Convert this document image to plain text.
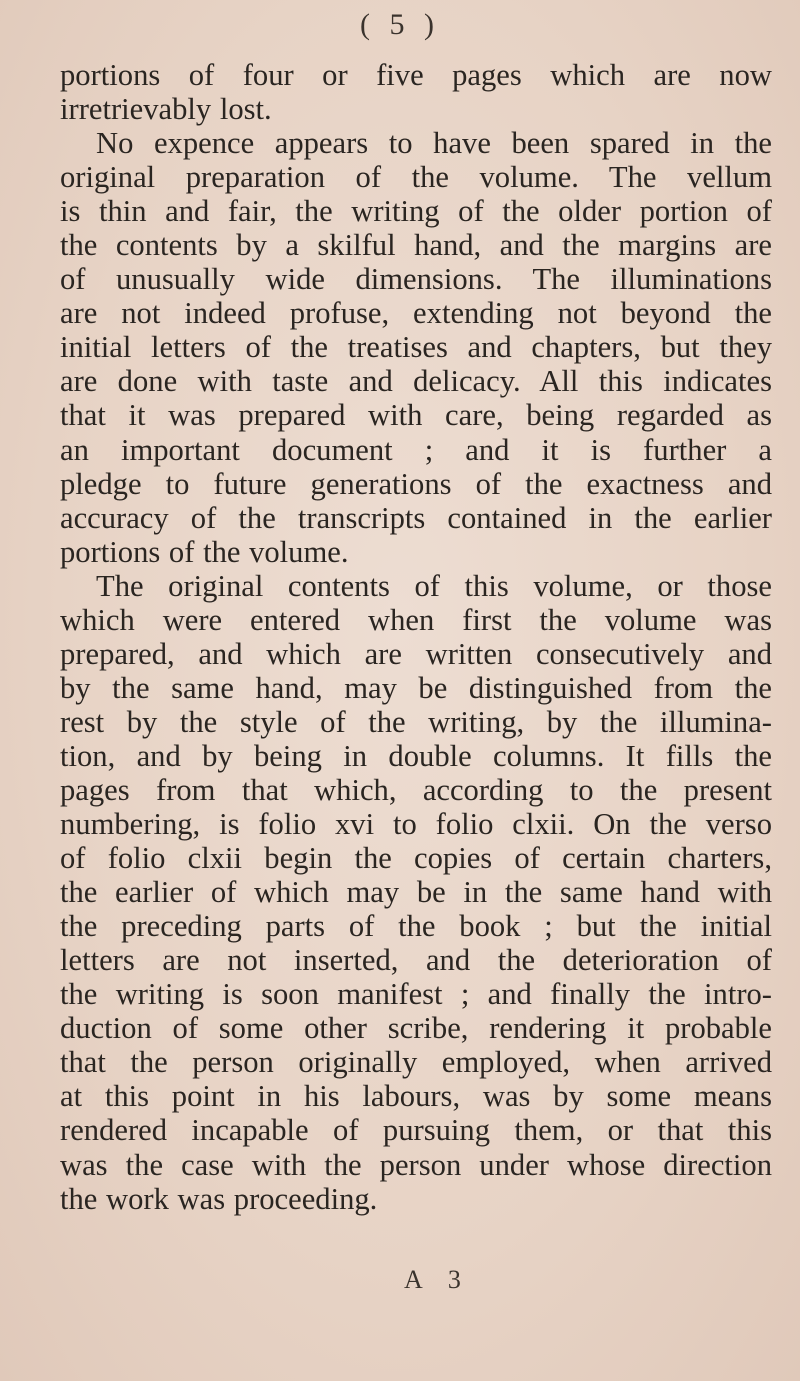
( 5 )
portions of four or five pages which are now
irretrievably lost.
No expence appears to have been spared in the
original preparation of the volume. The vellum
is thin and fair, the writing of the older portion of
the contents by a skilful hand, and the margins are
of unusually wide dimensions. The illuminations
are not indeed profuse, extending not beyond the
initial letters of the treatises and chapters, but they
are done with taste and delicacy. All this indicates
that it was prepared with care, being regarded as
an important document ; and it is further a
pledge to future generations of the exactness and
accuracy of the transcripts contained in the earlier
portions of the volume.
The original contents of this volume, or those
which were entered when first the volume was
prepared, and which are written consecutively and
by the same hand, may be distinguished from the
rest by the style of the writing, by the illumina-
tion, and by being in double columns. It fills the
pages from that which, according to the present
numbering, is folio xvi to folio clxii. On the verso
of folio clxii begin the copies of certain charters,
the earlier of which may be in the same hand with
the preceding parts of the book ; but the initial
letters are not inserted, and the deterioration of
the writing is soon manifest ; and finally the intro-
duction of some other scribe, rendering it probable
that the person originally employed, when arrived
at this point in his labours, was by some means
rendered incapable of pursuing them, or that this
was the case with the person under whose direction
the work was proceeding.
A 3
